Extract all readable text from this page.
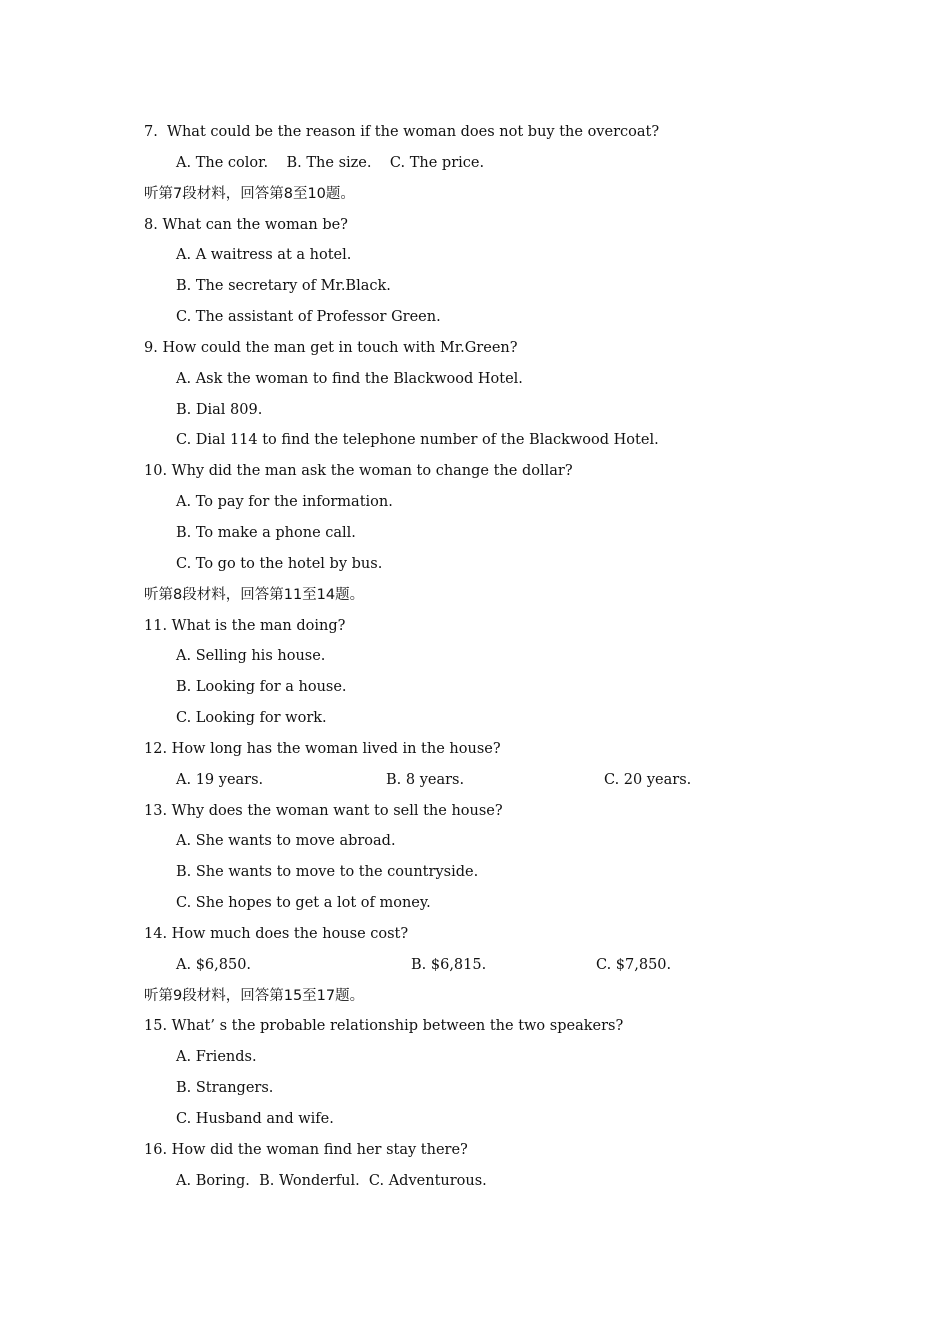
7.  What could be the reason if the woman does not buy the overcoat?
A. The color.    B. The size.    C. The price.
听第7段材料，回答第8至10题。
8. What can the woman be?
A. A waitress at a hotel.
B. The secretary of Mr.Black.
C. The assistant of Professor Green.
9. How could the man get in touch with Mr.Green?
A. Ask the woman to find the Blackwood Hotel.
B. Dial 809.
C. Dial 114 to find the telephone number of the Blackwood Hotel.
10. Why did the man ask the woman to change the dollar?
A. To pay for the information.
B. To make a phone call.
C. To go to the hotel by bus.
听第8段材料，回答第11至14题。
11. What is the man doing?
A. Selling his house.
B. Looking for a house.
C. Looking for work.
12. How long has the woman lived in the house?

A. 19 years.

	B. 8 years.

	C. 20 years.

13. Why does the woman want to sell the house?
A. She wants to move abroad.
B. She wants to move to the countryside.
C. She hopes to get a lot of money.
14. How much does the house cost?

A. $6,850.

	B. $6,815.

	C. $7,850.

听第9段材料，回答第15至17题。
15. What’ s the probable relationship between the two speakers?
A. Friends.
B. Strangers.
C. Husband and wife.
16. How did the woman find her stay there?
A. Boring.  B. Wonderful.  C. Adventurous.
